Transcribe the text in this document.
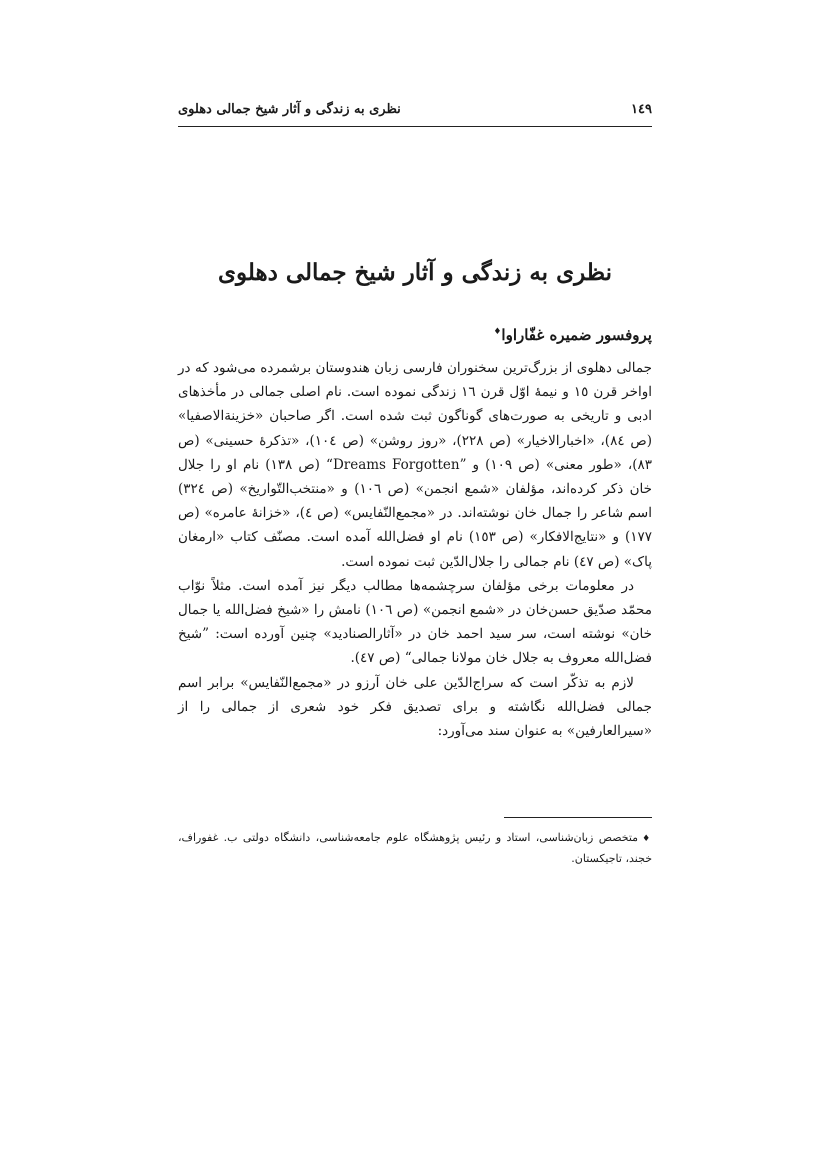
١٤٩
نظری به زندگی و آثار شیخ جمالی دهلوی
نظری به زندگی و آثار شیخ جمالی دهلوی
پروفسور ضمیره غفّاراوا♦

جمالی دهلوی از بزرگ‌ترین سخنوران فارسی زبان هندوستان برشمرده می‌شود که در اواخر قرن ١٥ و نیمهٔ اوّل قرن ١٦ زندگی نموده است. نام اصلی جمالی در مأخذهای ادبی و تاریخی به صورت‌های گوناگون ثبت شده است. اگر صاحبان «خزینةالاصفیا» (ص ٨٤)، «اخبارالاخیار» (ص ٢٢٨)، «روز روشن» (ص ١٠٤)، «تذکرهٔ حسینی» (ص ٨٣)، «طور معنی» (ص ١٠٩) و ”Dreams Forgotten“ (ص ١٣٨) نام او را جلال خان ذکر کرده‌اند، مؤلفان «شمع انجمن» (ص ١٠٦) و «منتخب‌التّواریخ» (ص ٣٢٤) اسم شاعر را جمال خان نوشته‌اند. در «مجمع‌النّفایس» (ص ٤)، «خزانهٔ عامره» (ص ١٧٧) و «نتایج‌الافکار» (ص ١٥٣) نام او فضل‌الله آمده است. مصنّف کتاب «ارمغان پاک» (ص ٤٧) نام جمالی را جلال‌الدّین ثبت نموده است.

در معلومات برخی مؤلفان سرچشمه‌ها مطالب دیگر نیز آمده است. مثلاً نوّاب محمّد صدّیق حسن‌خان در «شمع انجمن» (ص ١٠٦) نامش را «شیخ فضل‌الله یا جمال خان» نوشته است، سر سید احمد خان در «آثارالصنادید» چنین آورده است: ”شیخ فضل‌الله معروف به جلال خان مولانا جمالی“ (ص ٤٧).

لازم به تذکّر است که سراج‌الدّین علی خان آرزو در «مجمع‌النّفایس» برابر اسم جمالی فضل‌الله نگاشته و برای تصدیق فکر خود شعری از جمالی را از «سیرالعارفین» به عنوان سند می‌آورد:

♦متخصص زبان‌شناسی، استاد و رئیس پژوهشگاه علوم جامعه‌شناسی، دانشگاه دولتی ب. غفوراف، خجند، تاجیکستان.
